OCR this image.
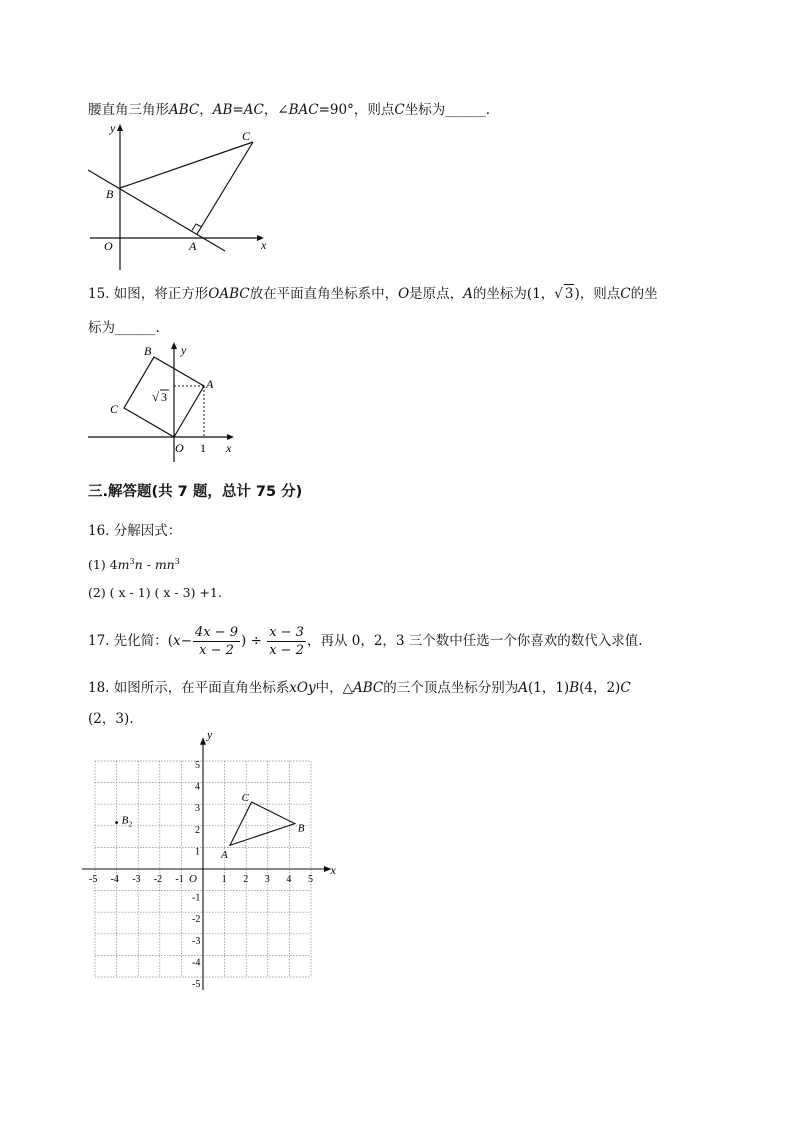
腰直角三角形ABC，AB=AC，∠BAC=90°，则点C坐标为______.
y
x
O	A
B
C
15. 如图，将正方形OABC放在平面直角坐标系中，O是原点，A的坐标为(1，√ 3)，则点C的坐
标为______.
y
x
O 1
A
B
C
√ 3
三.解答题(共 7 题，总计 75 分)
16. 分解因式：
(1) $4m^3n - mn^3$
(2) ( x - 1) ( x - 3) +1.
17. 先化简：($x- \frac{4x - 9}{x - 2}$ ) ÷ $\frac{x - 3}{x - 2}$ ，再从 0，2，3 三个数中任选一个你喜欢的数代入求值.
18. 如图所示，在平面直角坐标系xOy中，△ABC的三个顶点坐标分别为A(1，1)B(4，2)C
(2，3).
x
y
O
-5 -4 -3 -2 -1	1 2 3 4 5
5
4
3
2
1
-1
-2
-3
-4
-5
A
B
C
B 2
